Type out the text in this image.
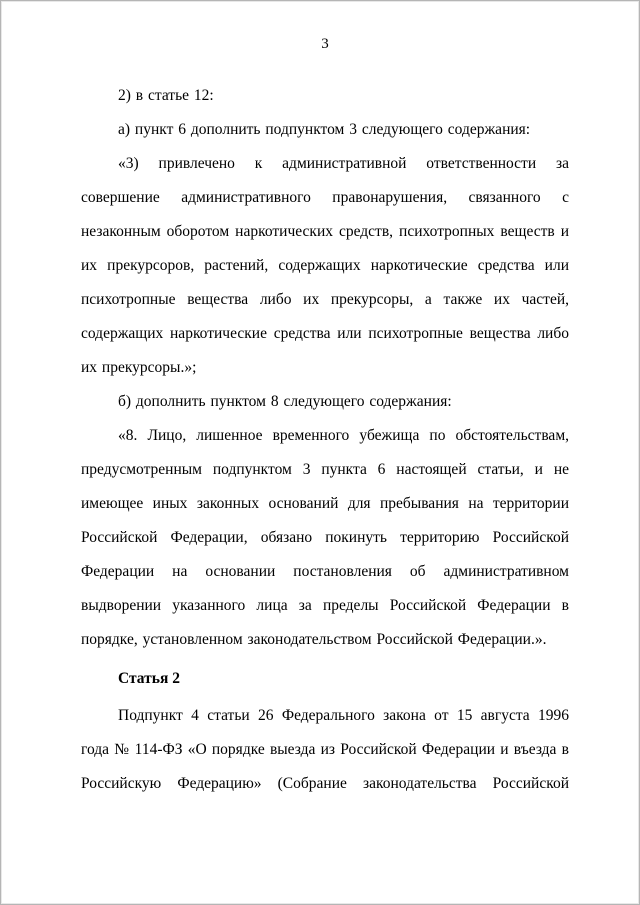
3

2) в статье 12:

а) пункт 6 дополнить подпунктом 3 следующего содержания:

«3) привлечено к административной ответственности за совершение административного правонарушения, связанного с незаконным оборотом наркотических средств, психотропных веществ и их прекурсоров, растений, содержащих наркотические средства или психотропные вещества либо их прекурсоры, а также их частей, содержащих наркотические средства или психотропные вещества либо их прекурсоры.»;

б) дополнить пунктом 8 следующего содержания:

«8. Лицо, лишенное временного убежища по обстоятельствам, предусмотренным подпунктом 3 пункта 6 настоящей статьи, и не имеющее иных законных оснований для пребывания на территории Российской Федерации, обязано покинуть территорию Российской Федерации на основании постановления об административном выдворении указанного лица за пределы Российской Федерации в порядке, установленном законодательством Российской Федерации.».

Статья 2

Подпункт 4 статьи 26 Федерального закона от 15 августа 1996 года № 114-ФЗ «О порядке выезда из Российской Федерации и въезда в Российскую Федерацию» (Собрание законодательства Российской
